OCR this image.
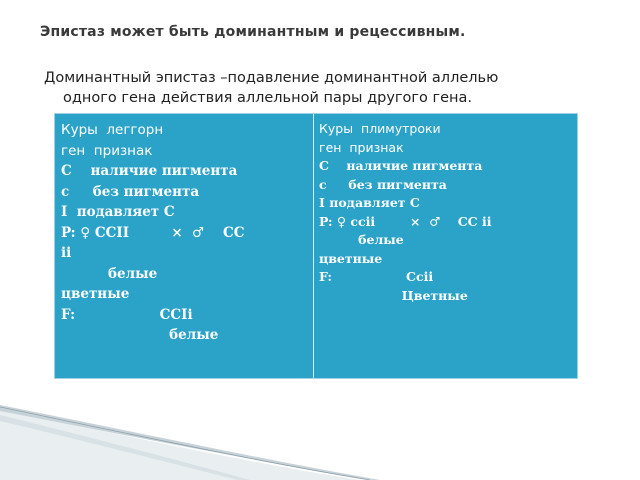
Эпистаз может быть доминантным и рецессивным.
Доминантный эпистаз –подавление доминантной аллелью
одного гена действия аллельной пары другого гена.
Куры  леггорн
ген  признак
С    наличие пигмента
с     без пигмента
I  подавляет С
P: ♀ ССII         ×  ♂    СС
ii
белые
цветные
F:                  ССIi
белые
Куры  плимутроки
ген  признак
С    наличие пигмента
с     без пигмента
I подавляет С
P: ♀ ссii        ×  ♂    СС ii
белые
цветные
F:                 Ссii
Цветные
